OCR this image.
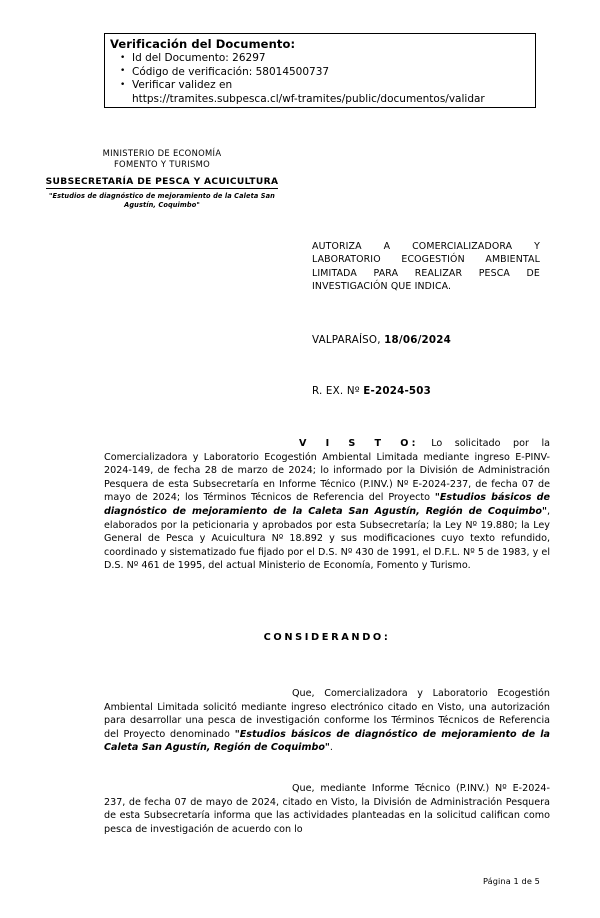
Verificación del Documento:
• Id del Documento: 26297
• Código de verificación: 58014500737
• Verificar validez en
https://tramites.subpesca.cl/wf-tramites/public/documentos/validar
MINISTERIO DE ECONOMÍA
FOMENTO Y TURISMO
SUBSECRETARÍA DE PESCA Y ACUICULTURA
"Estudios de diagnóstico de mejoramiento de la Caleta San Agustín, Coquimbo"
AUTORIZA A COMERCIALIZADORA Y LABORATORIO ECOGESTIÓN AMBIENTAL LIMITADA PARA REALIZAR PESCA DE INVESTIGACIÓN QUE INDICA.
VALPARAÍSO, 18/06/2024
R. EX. Nº E-2024-503
V I S T O: Lo solicitado por la Comercializadora y Laboratorio Ecogestión Ambiental Limitada mediante ingreso E-PINV-2024-149, de fecha 28 de marzo de 2024; lo informado por la División de Administración Pesquera de esta Subsecretaría en Informe Técnico (P.INV.) Nº E-2024-237, de fecha 07 de mayo de 2024; los Términos Técnicos de Referencia del Proyecto "Estudios básicos de diagnóstico de mejoramiento de la Caleta San Agustín, Región de Coquimbo", elaborados por la peticionaria y aprobados por esta Subsecretaría; la Ley Nº 19.880; la Ley General de Pesca y Acuicultura Nº 18.892 y sus modificaciones cuyo texto refundido, coordinado y sistematizado fue fijado por el D.S. Nº 430 de 1991, el D.F.L. Nº 5 de 1983, y el D.S. Nº 461 de 1995, del actual Ministerio de Economía, Fomento y Turismo.
CONSIDERANDO:
Que, Comercializadora y Laboratorio Ecogestión Ambiental Limitada solicitó mediante ingreso electrónico citado en Visto, una autorización para desarrollar una pesca de investigación conforme los Términos Técnicos de Referencia del Proyecto denominado "Estudios básicos de diagnóstico de mejoramiento de la Caleta San Agustín, Región de Coquimbo".
Que, mediante Informe Técnico (P.INV.) Nº E-2024-237, de fecha 07 de mayo de 2024, citado en Visto, la División de Administración Pesquera de esta Subsecretaría informa que las actividades planteadas en la solicitud califican como pesca de investigación de acuerdo con lo
Página 1 de 5
